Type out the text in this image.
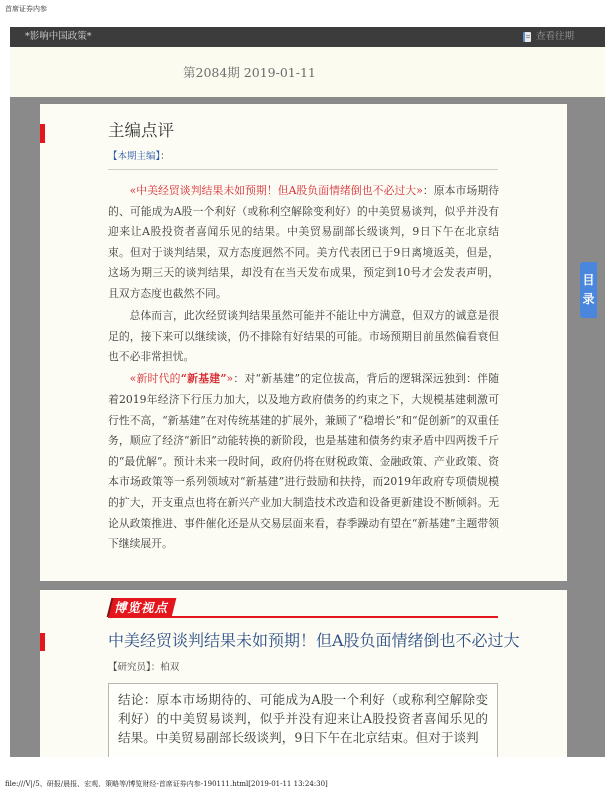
首席证券内参
*影响中国政策*	查看往期
第2084期 2019-01-11
主编点评
【本期主编】：

«中美经贸谈判结果未如预期！但A股负面情绪倒也不必过大»：原本市场期待的、可能成为A股一个利好（或称利空解除变利好）的中美贸易谈判，似乎并没有迎来让A股投资者喜闻乐见的结果。中美贸易副部长级谈判，9日下午在北京结束。但对于谈判结果，双方态度迥然不同。美方代表团已于9日离境返美，但是，这场为期三天的谈判结果，却没有在当天发布成果，预定到10号才会发表声明，且双方态度也截然不同。

总体而言，此次经贸谈判结果虽然可能并不能让中方满意，但双方的诚意是很足的，接下来可以继续谈，仍不排除有好结果的可能。市场预期目前虽然偏看衰但也不必非常担忧。

«新时代的“新基建”»：对“新基建”的定位拔高，背后的逻辑深远独到：伴随着2019年经济下行压力加大，以及地方政府债务的约束之下，大规模基建刺激可行性不高，“新基建”在对传统基建的扩展外，兼顾了“稳增长”和“促创新”的双重任务，顺应了经济“新旧”动能转换的新阶段，也是基建和债务约束矛盾中四两拨千斤的“最优解”。预计未来一段时间，政府仍将在财税政策、金融政策、产业政策、资本市场政策等一系列领域对“新基建”进行鼓励和扶持，而2019年政府专项债规模的扩大，开支重点也将在新兴产业加大制造技术改造和设备更新建设不断倾斜。无论从政策推进、事件催化还是从交易层面来看，春季躁动有望在“新基建”主题带领下继续展开。

博览视点
中美经贸谈判结果未如预期！但A股负面情绪倒也不必过大
【研究员】：柏双
结论：原本市场期待的、可能成为A股一个利好（或称利空解除变利好）的中美贸易谈判，似乎并没有迎来让A股投资者喜闻乐见的结果。中美贸易副部长级谈判，9日下午在北京结束。但对于谈判
目
录
file:///V|/5、研报/晨报、宏观、策略等/博览财经-首席证券内参-190111.html[2019-01-11 13:24:30]
